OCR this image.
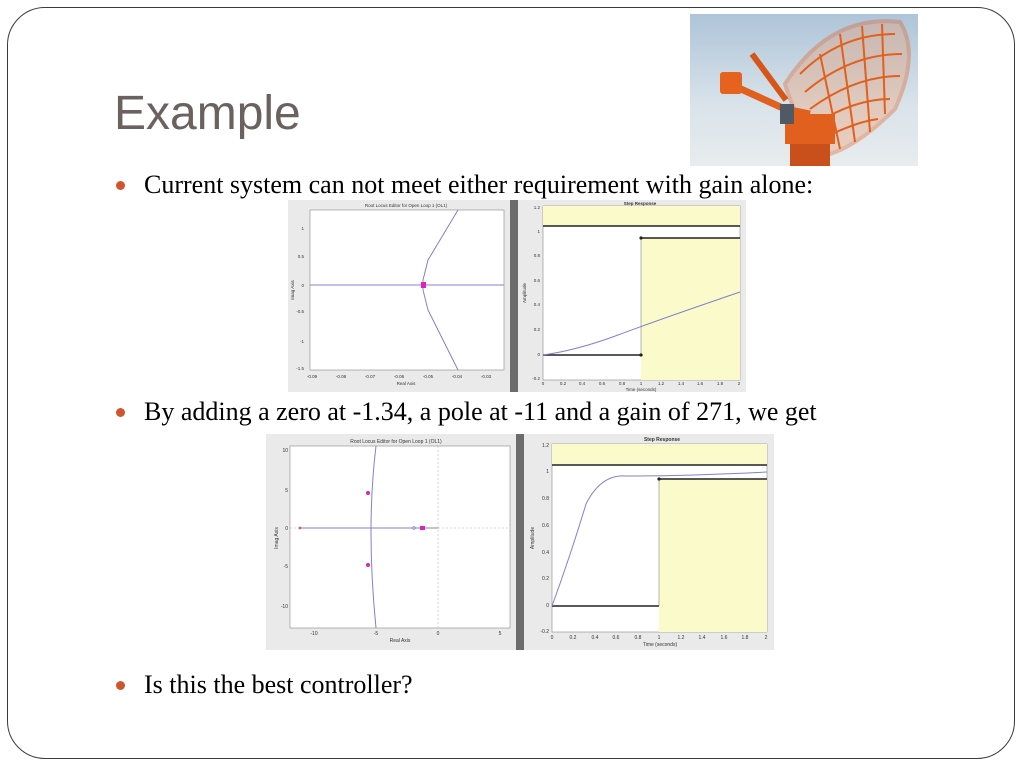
Example
Current system can not meet either requirement with gain alone:
Root Locus Editor for Open Loop 1 (OL1)
1
0.5
0
-0.5
-1
-1.5
-0.09	-0.08	-0.07	-0.06	-0.05	-0.04	-0.03
Real Axis
Imag Axis
Step Response
1.2
1
0.8
0.6
0.4
0.2
0
-0.2
0	0.2	0.4	0.6	0.8	1	1.2	1.4	1.6	1.8	2
Time (seconds)
Amplitude
By adding a zero at -1.34, a pole at -11 and a gain of 271, we get
Root Locus Editor for Open Loop 1 (OL1)
10
5
0
-5
-10
-10	-5	0	5
Real Axis
Imag Axis
Step Response
1.2
1
0.8
0.6
0.4
0.2
0
-0.2
0	0.2	0.4	0.6	0.8	1	1.2	1.4	1.6	1.8	2
Time (seconds)
Amplitude
Is this the best controller?
